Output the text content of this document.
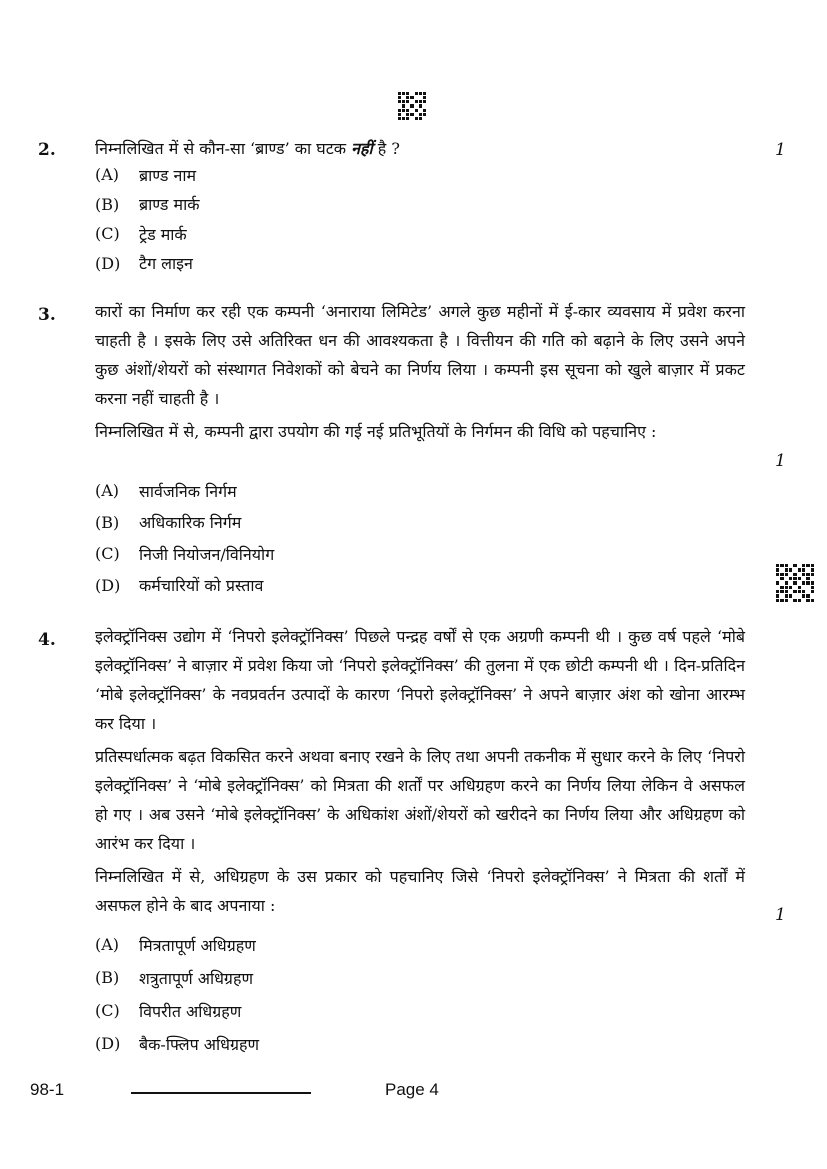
2. निम्नलिखित में से कौन-सा ‘ब्राण्ड’ का घटक नहीं है ?	1
(A)	ब्राण्ड नाम
(B)	ब्राण्ड मार्क
(C)	ट्रेड मार्क
(D)	टैग लाइन
3. कारों का निर्माण कर रही एक कम्पनी ‘अनाराया लिमिटेड’ अगले कुछ महीनों में ई-कार व्यवसाय में प्रवेश करना चाहती है । इसके लिए उसे अतिरिक्त धन की आवश्यकता है । वित्तीयन की गति को बढ़ाने के लिए उसने अपने कुछ अंशों/शेयरों को संस्थागत निवेशकों को बेचने का निर्णय लिया । कम्पनी इस सूचना को खुले बाज़ार में प्रकट करना नहीं चाहती है ।

निम्नलिखित में से, कम्पनी द्वारा उपयोग की गई नई प्रतिभूतियों के निर्गमन की विधि को पहचानिए :

1
(A)	सार्वजनिक निर्गम
(B)	अधिकारिक निर्गम
(C)	निजी नियोजन/विनियोग
(D)	कर्मचारियों को प्रस्ताव
4. इलेक्ट्रॉनिक्स उद्योग में ‘निपरो इलेक्ट्रॉनिक्स’ पिछले पन्द्रह वर्षों से एक अग्रणी कम्पनी थी । कुछ वर्ष पहले ‘मोबे इलेक्ट्रॉनिक्स’ ने बाज़ार में प्रवेश किया जो ‘निपरो इलेक्ट्रॉनिक्स’ की तुलना में एक छोटी कम्पनी थी । दिन-प्रतिदिन ‘मोबे इलेक्ट्रॉनिक्स’ के नवप्रवर्तन उत्पादों के कारण ‘निपरो इलेक्ट्रॉनिक्स’ ने अपने बाज़ार अंश को खोना आरम्भ कर दिया ।

प्रतिस्पर्धात्मक बढ़त विकसित करने अथवा बनाए रखने के लिए तथा अपनी तकनीक में सुधार करने के लिए ‘निपरो इलेक्ट्रॉनिक्स’ ने ‘मोबे इलेक्ट्रॉनिक्स’ को मित्रता की शर्तों पर अधिग्रहण करने का निर्णय लिया लेकिन वे असफल हो गए । अब उसने ‘मोबे इलेक्ट्रॉनिक्स’ के अधिकांश अंशों/शेयरों को खरीदने का निर्णय लिया और अधिग्रहण को आरंभ कर दिया ।

निम्नलिखित में से, अधिग्रहण के उस प्रकार को पहचानिए जिसे ‘निपरो इलेक्ट्रॉनिक्स’ ने मित्रता की शर्तों में असफल होने के बाद अपनाया :	1
(A)	मित्रतापूर्ण अधिग्रहण
(B)	शत्रुतापूर्ण अधिग्रहण
(C)	विपरीत अधिग्रहण
(D)	बैक-फ्लिप अधिग्रहण
98-1	Page 4
